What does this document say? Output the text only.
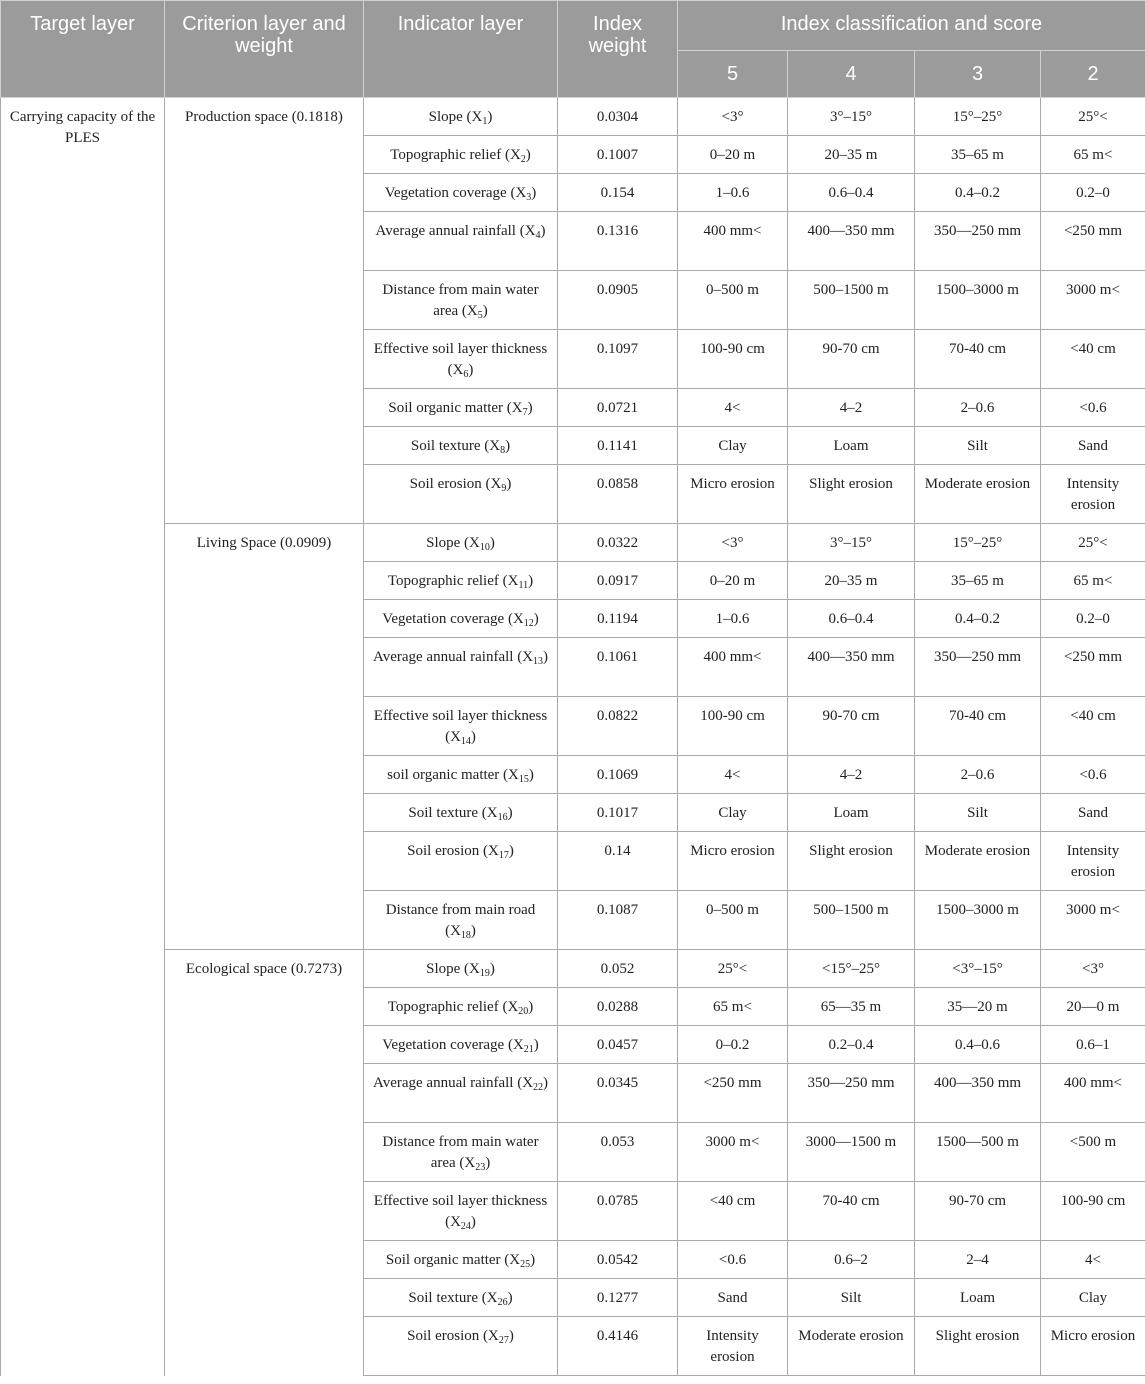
Target layer	Criterion layer and weight	Indicator layer	Index weight	Index classification and score			
				5	4	3	2
Carrying capacity of the PLES	Production space (0.1818)	Slope $(X_1)$	0.0304	<3°	3°–15°	15°–25°	25°<
		Topographic relief $(X_2)$	0.1007	0–20 m	20–35 m	35–65 m	65 m<
		Vegetation coverage $(X_3)$	0.154	1–0.6	0.6–0.4	0.4–0.2	0.2–0
		Average annual rainfall $(X_4)$	0.1316	400 mm<	400—350 mm	350—250 mm	<250 mm
		Distance from main water area $(X_5)$	0.0905	0–500 m	500–1500 m	1500–3000 m	3000 m<
		Effective soil layer thickness $(X_6)$	0.1097	100-90 cm	90-70 cm	70-40 cm	<40 cm
		Soil organic matter $(X_7)$	0.0721	4<	4–2	2–0.6	<0.6
		Soil texture $(X_8)$	0.1141	Clay	Loam	Silt	Sand
		Soil erosion $(X_9)$	0.0858	Micro erosion	Slight erosion	Moderate erosion	Intensity erosion
	Living Space (0.0909)	Slope $(X_{10})$	0.0322	<3°	3°–15°	15°–25°	25°<
		Topographic relief $(X_{11})$	0.0917	0–20 m	20–35 m	35–65 m	65 m<
		Vegetation coverage $(X_{12})$	0.1194	1–0.6	0.6–0.4	0.4–0.2	0.2–0
		Average annual rainfall $(X_{13})$	0.1061	400 mm<	400—350 mm	350—250 mm	<250 mm
		Effective soil layer thickness $(X_{14})$	0.0822	100-90 cm	90-70 cm	70-40 cm	<40 cm
		soil organic matter $(X_{15})$	0.1069	4<	4–2	2–0.6	<0.6
		Soil texture $(X_{16})$	0.1017	Clay	Loam	Silt	Sand
		Soil erosion $(X_{17})$	0.14	Micro erosion	Slight erosion	Moderate erosion	Intensity erosion
		Distance from main road $(X_{18})$	0.1087	0–500 m	500–1500 m	1500–3000 m	3000 m<
	Ecological space (0.7273)	Slope $(X_{19})$	0.052	25°<	<15°–25°	<3°–15°	<3°
		Topographic relief $(X_{20})$	0.0288	65 m<	65—35 m	35—20 m	20—0 m
		Vegetation coverage $(X_{21})$	0.0457	0–0.2	0.2–0.4	0.4–0.6	0.6–1
		Average annual rainfall $(X_{22})$	0.0345	<250 mm	350—250 mm	400—350 mm	400 mm<
		Distance from main water area $(X_{23})$	0.053	3000 m<	3000—1500 m	1500—500 m	<500 m
		Effective soil layer thickness $(X_{24})$	0.0785	<40 cm	70-40 cm	90-70 cm	100-90 cm
		Soil organic matter $(X_{25})$	0.0542	<0.6	0.6–2	2–4	4<
		Soil texture $(X_{26})$	0.1277	Sand	Silt	Loam	Clay
		Soil erosion $(X_{27})$	0.4146	Intensity erosion	Moderate erosion	Slight erosion	Micro erosion
